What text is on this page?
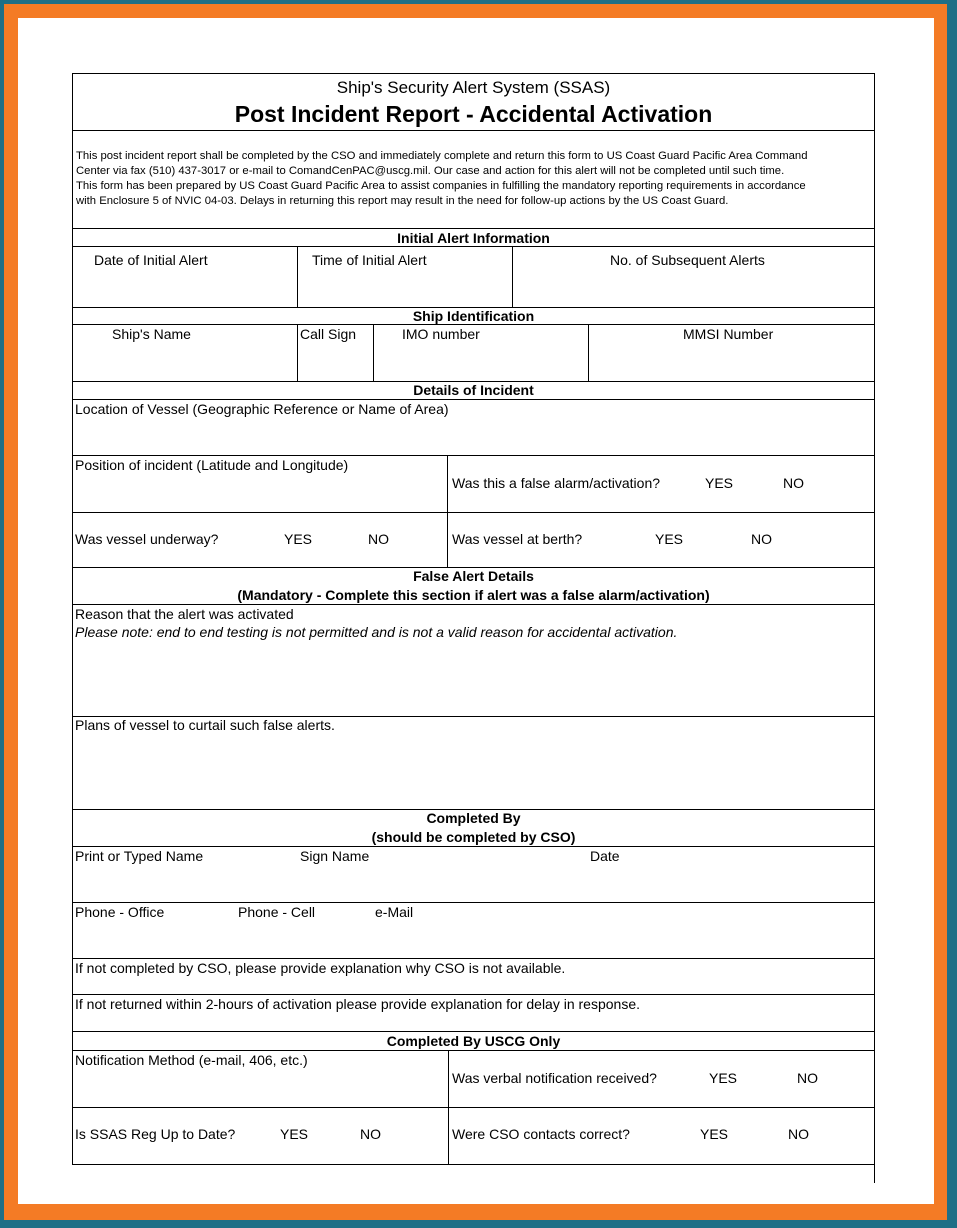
Ship's Security Alert System (SSAS)
Post Incident Report - Accidental Activation
This post incident report shall be completed by the CSO and immediately complete and return this form to US Coast Guard Pacific Area Command
Center via fax (510) 437-3017 or e-mail to ComandCenPAC@uscg.mil. Our case and action for this alert will not be completed until such time.
This form has been prepared by US Coast Guard Pacific Area to assist companies in fulfilling the mandatory reporting requirements in accordance
with Enclosure 5 of NVIC 04-03. Delays in returning this report may result in the need for follow-up actions by the US Coast Guard.
Initial Alert Information
Date of Initial Alert	Time of Initial Alert	No. of Subsequent Alerts
Ship Identification
Ship's Name	Call Sign	IMO number	MMSI Number
Details of Incident
Location of Vessel (Geographic Reference or Name of Area)
Position of incident (Latitude and Longitude)
Was this a false alarm/activation?	YES	NO
Was vessel underway?	YES	NO	Was vessel at berth?	YES	NO
False Alert Details
(Mandatory - Complete this section if alert was a false alarm/activation)
Reason that the alert was activated
Please note: end to end testing is not permitted and is not a valid reason for accidental activation.
Plans of vessel to curtail such false alerts.
Completed By
(should be completed by CSO)
Print or Typed Name	Sign Name	Date
Phone - Office	Phone - Cell	e-Mail
If not completed by CSO, please provide explanation why CSO is not available.
If not returned within 2-hours of activation please provide explanation for delay in response.
Completed By USCG Only
Notification Method (e-mail, 406, etc.)
Was verbal notification received?	YES	NO
Is SSAS Reg Up to Date?	YES	NO	Were CSO contacts correct?	YES	NO
